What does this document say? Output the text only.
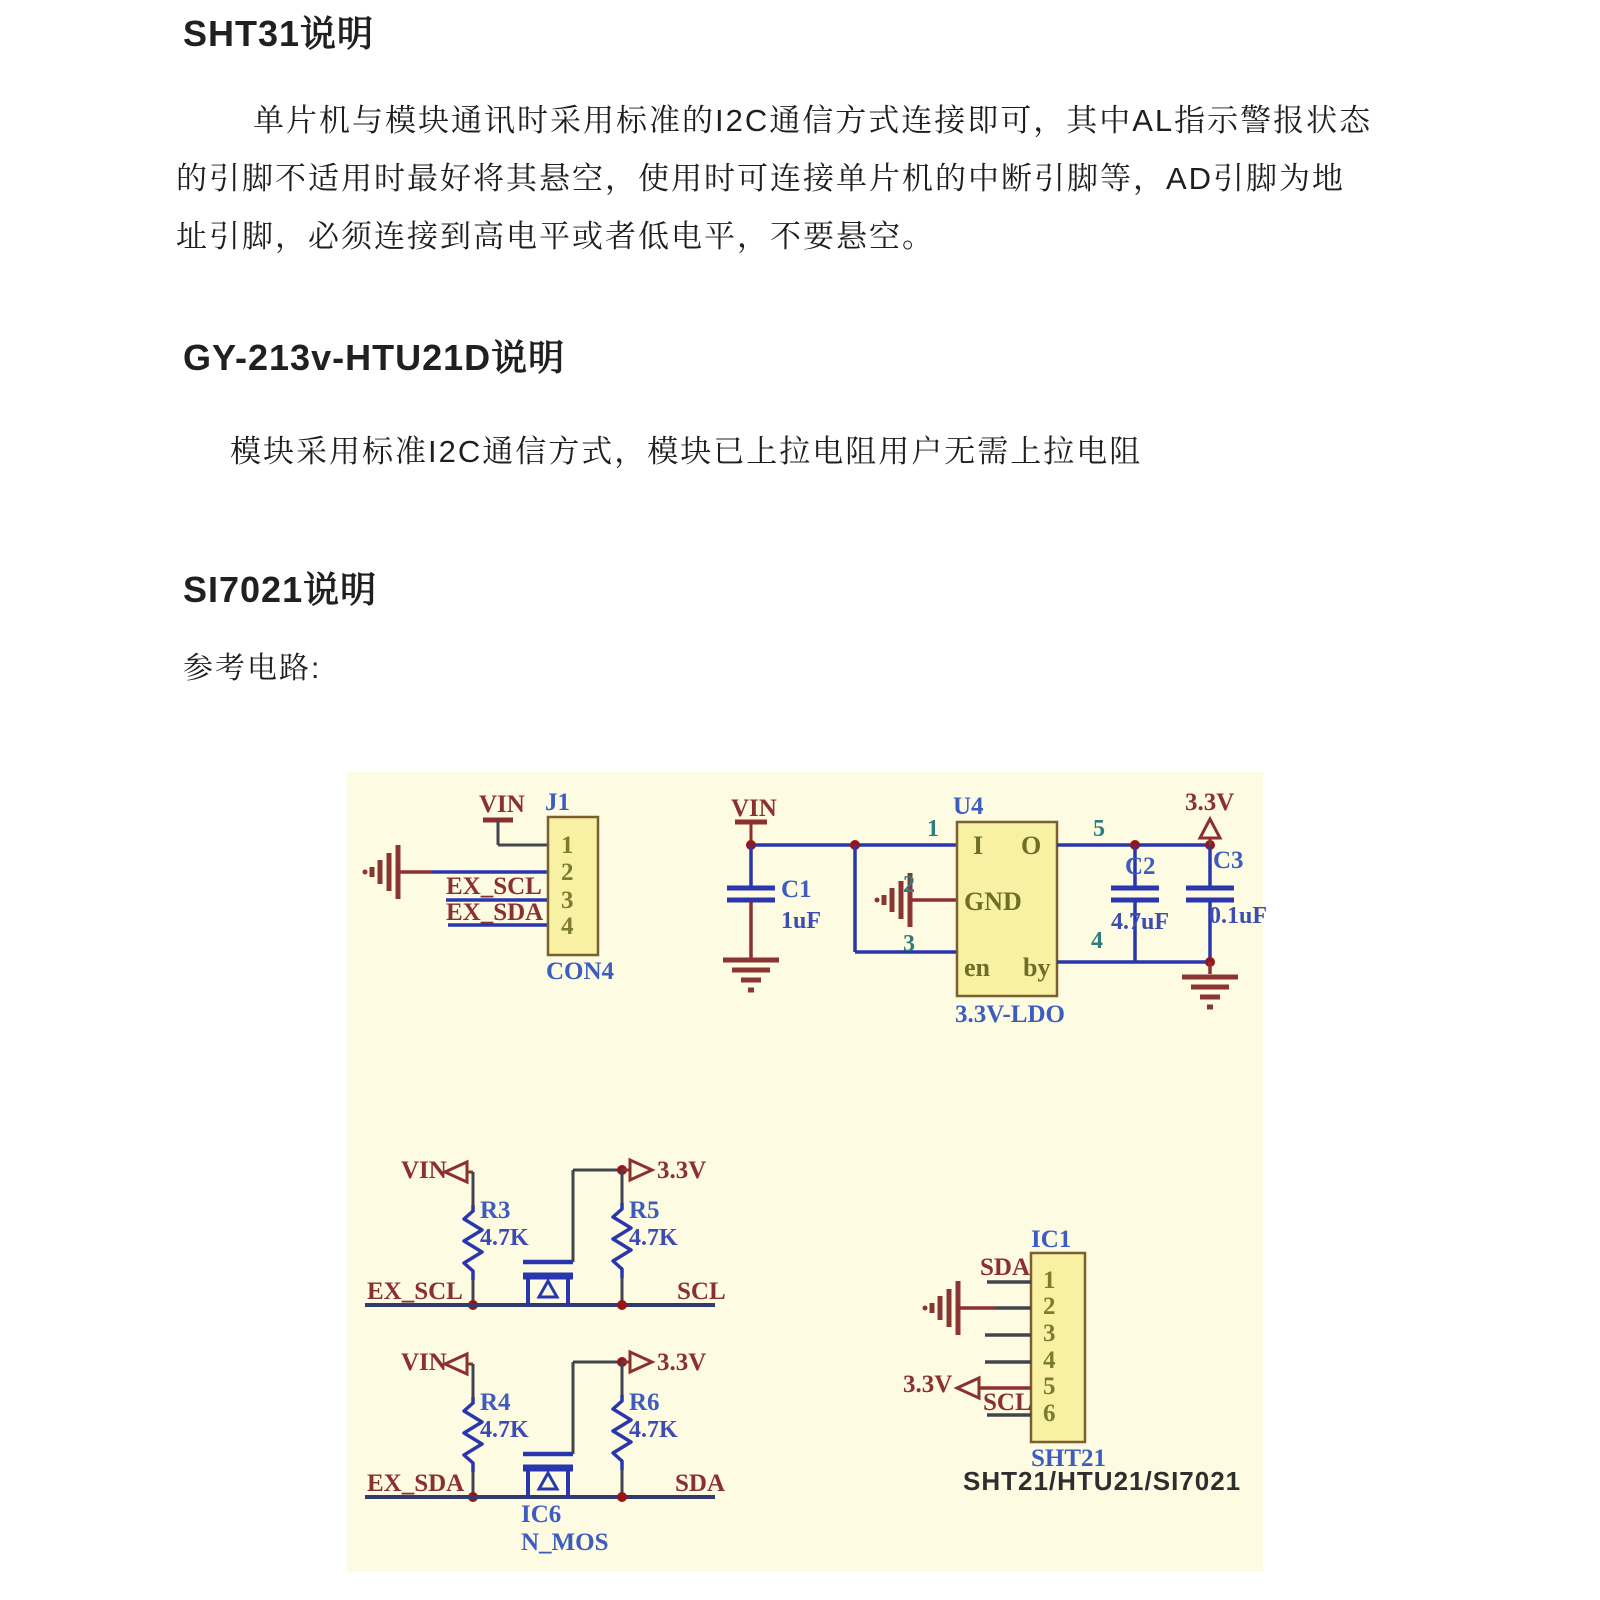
SHT31说明
单片机与模块通讯时采用标准的I2C通信方式连接即可，其中AL指示警报状态
的引脚不适用时最好将其悬空，使用时可连接单片机的中断引脚等，AD引脚为地
址引脚，必须连接到高电平或者低电平，不要悬空。
GY-213v-HTU21D说明
模块采用标准I2C通信方式，模块已上拉电阻用户无需上拉电阻
SI7021说明
参考电路:
VIN J1
1
2
3
4
EX_SCL
EX_SDA
CON4
VIN	U4
I O
GND
en by
1
2
3
5
4
3.3V-LDO
C1
1uF
C2
4.7uF
C3
0.1uF
3.3V
VIN	3.3V
R3
4.7K
R5
4.7K
EX_SCL	SCL
VIN	3.3V
R4
4.7K
R6
4.7K
EX_SDA	SDA
IC6
N_MOS
IC1
SDA
3.3V
SCL
1
2
3
4
5
6
SHT21
SHT21/HTU21/SI7021
